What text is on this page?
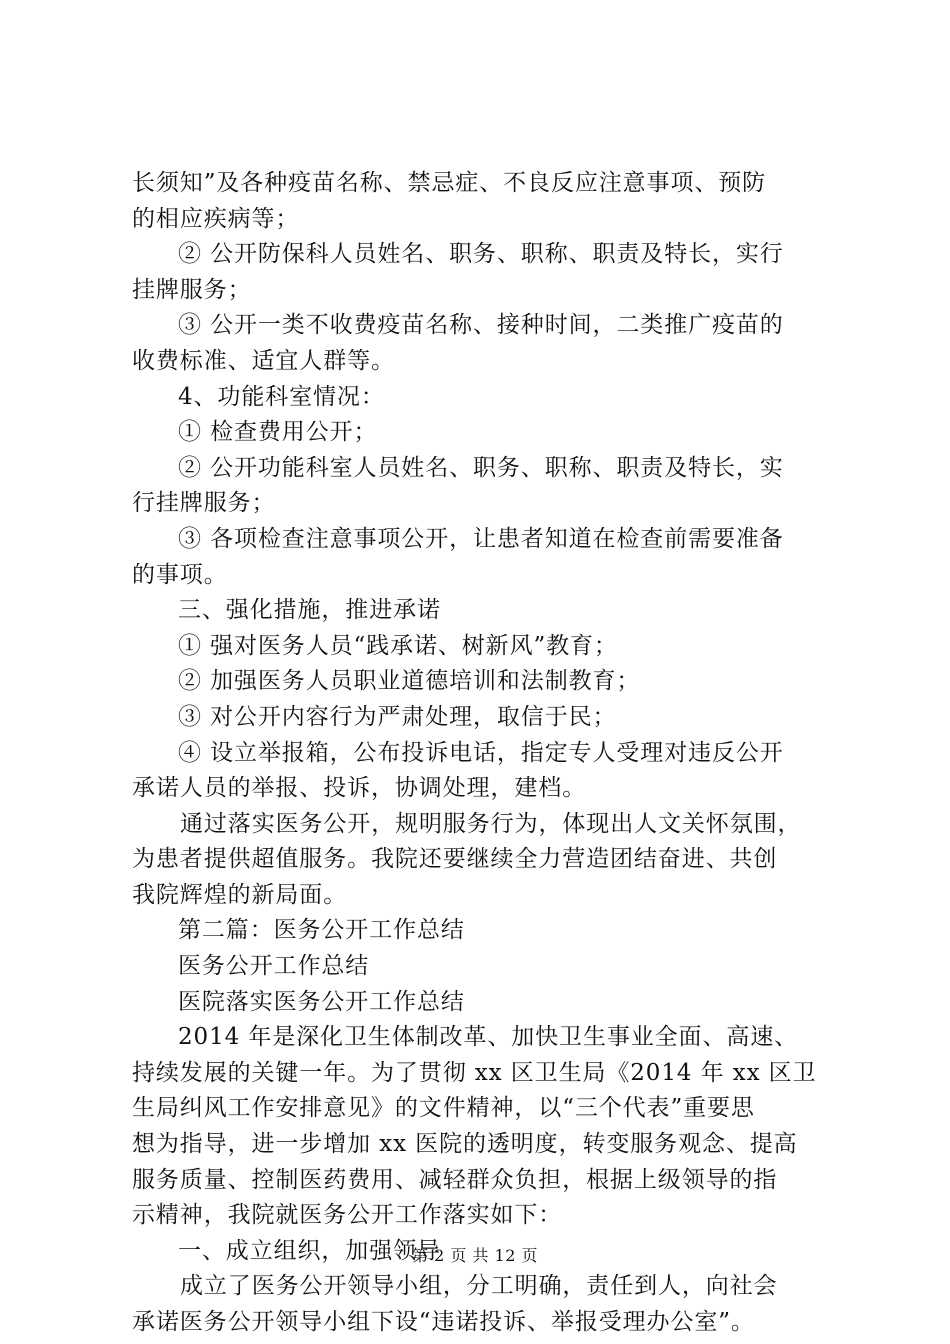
长须知”及各种疫苗名称、禁忌症、不良反应注意事项、预防
的相应疾病等；
② 公开防保科人员姓名、职务、职称、职责及特长，实行
挂牌服务；
③ 公开一类不收费疫苗名称、接种时间，二类推广疫苗的
收费标准、适宜人群等。
4、功能科室情况：
① 检查费用公开；
② 公开功能科室人员姓名、职务、职称、职责及特长，实
行挂牌服务；
③ 各项检查注意事项公开，让患者知道在检查前需要准备
的事项。
三、强化措施，推进承诺
① 强对医务人员“践承诺、树新风”教育；
② 加强医务人员职业道德培训和法制教育；
③ 对公开内容行为严肃处理，取信于民；
④ 设立举报箱，公布投诉电话，指定专人受理对违反公开
承诺人员的举报、投诉，协调处理，建档。
通过落实医务公开，规明服务行为，体现出人文关怀氛围，
为患者提供超值服务。我院还要继续全力营造团结奋进、共创
我院辉煌的新局面。
第二篇：医务公开工作总结
医务公开工作总结
医院落实医务公开工作总结
2014 年是深化卫生体制改革、加快卫生事业全面、高速、
持续发展的关键一年。为了贯彻 xx 区卫生局《2014 年 xx 区卫
生局纠风工作安排意见》的文件精神，以“三个代表”重要思
想为指导，进一步增加 xx 医院的透明度，转变服务观念、提高
服务质量、控制医药费用、减轻群众负担，根据上级领导的指
示精神，我院就医务公开工作落实如下：
一、成立组织，加强领导
成立了医务公开领导小组，分工明确，责任到人，向社会
承诺医务公开领导小组下设“违诺投诉、举报受理办公室”。
第 2 页 共 12 页
